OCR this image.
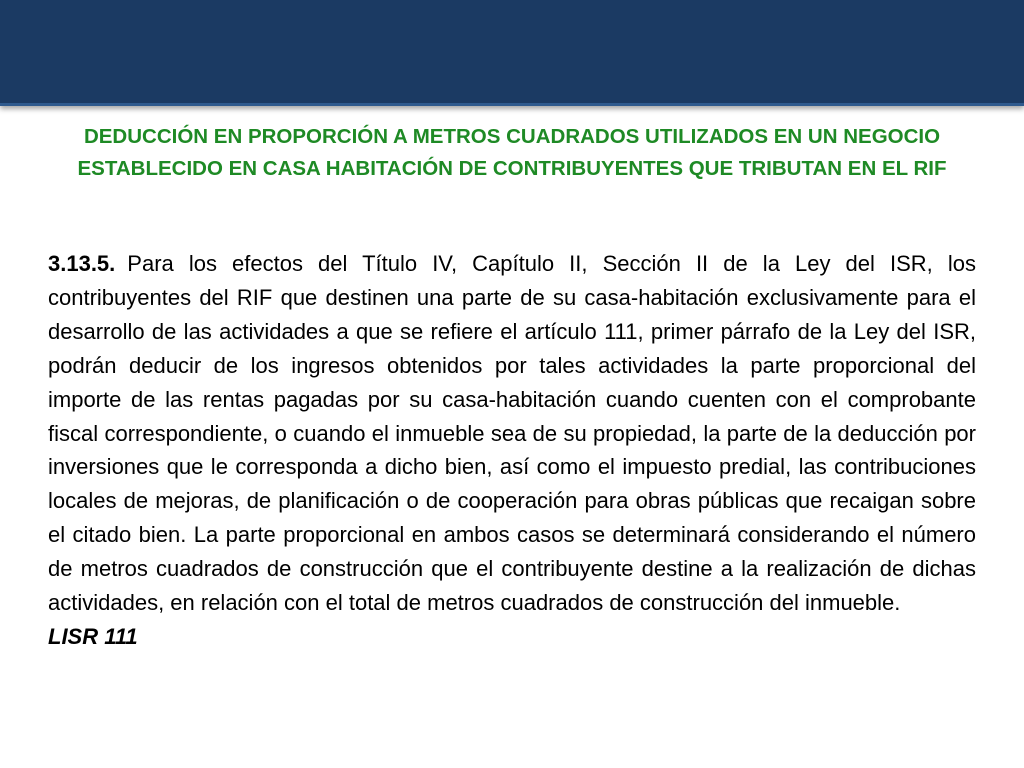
DEDUCCIÓN EN PROPORCIÓN A METROS CUADRADOS UTILIZADOS EN UN NEGOCIO ESTABLECIDO EN CASA HABITACIÓN DE CONTRIBUYENTES QUE TRIBUTAN EN EL RIF
3.13.5. Para los efectos del Título IV, Capítulo II, Sección II de la Ley del ISR, los contribuyentes del RIF que destinen una parte de su casa-habitación exclusivamente para el desarrollo de las actividades a que se refiere el artículo 111, primer párrafo de la Ley del ISR, podrán deducir de los ingresos obtenidos por tales actividades la parte proporcional del importe de las rentas pagadas por su casa-habitación cuando cuenten con el comprobante fiscal correspondiente, o cuando el inmueble sea de su propiedad, la parte de la deducción por inversiones que le corresponda a dicho bien, así como el impuesto predial, las contribuciones locales de mejoras, de planificación o de cooperación para obras públicas que recaigan sobre el citado bien. La parte proporcional en ambos casos se determinará considerando el número de metros cuadrados de construcción que el contribuyente destine a la realización de dichas actividades, en relación con el total de metros cuadrados de construcción del inmueble.
LISR 111
